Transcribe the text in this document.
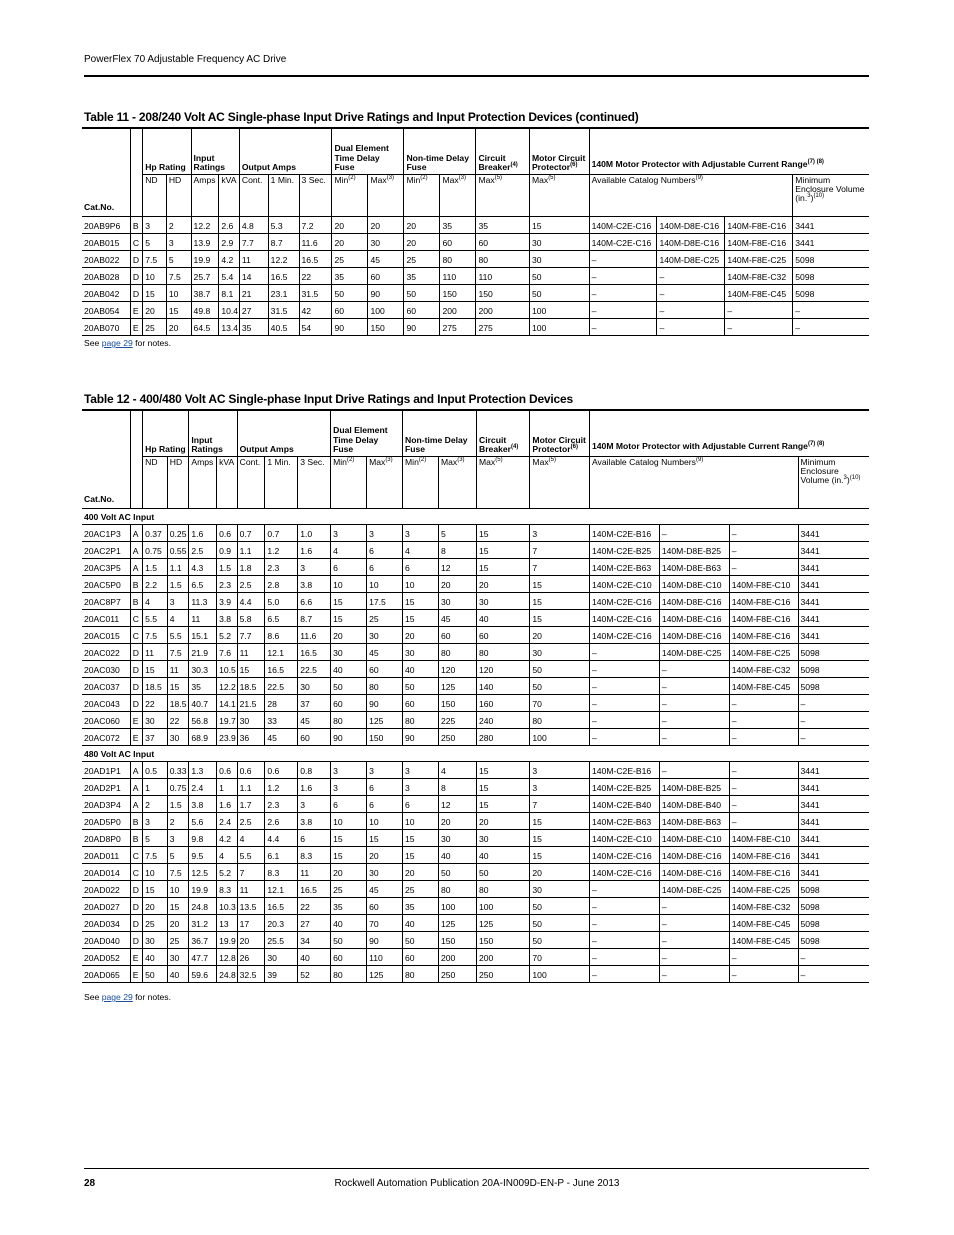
PowerFlex 70 Adjustable Frequency AC Drive
Table 11 - 208/240 Volt AC Single-phase Input Drive Ratings and Input Protection Devices (continued)
Cat.No.		Hp Rating		Input Ratings		Output Amps			Dual Element Time Delay Fuse		Non-time Delay Fuse		Circuit Breaker$^{(4)}$	Motor Circuit Protector$^{(6)}$	140M Motor Protector with Adjustable Current Range$^{(7) (8)}$
		ND	HD	Amps	kVA	Cont.	1 Min.	3 Sec.	Min$^{(2)}$	Max$^{(3)}$	Min$^{(2)}$	Max$^{(3)}$	Max$^{(5)}$	Max$^{(5)}$	Available Catalog Numbers$^{(9)}$			Minimum Enclosure Volume $(in.^3)^{(10)}$
20AB9P6	B	3	2	12.2	2.6	4.8	5.3	7.2	20	20	20	35	35	15	140M-C2E-C16	140M-D8E-C16	140M-F8E-C16	3441
20AB015	C	5	3	13.9	2.9	7.7	8.7	11.6	20	30	20	60	60	30	140M-C2E-C16	140M-D8E-C16	140M-F8E-C16	3441
20AB022	D	7.5	5	19.9	4.2	11	12.2	16.5	25	45	25	80	80	30	–	140M-D8E-C25	140M-F8E-C25	5098
20AB028	D	10	7.5	25.7	5.4	14	16.5	22	35	60	35	110	110	50	–	–	140M-F8E-C32	5098
20AB042	D	15	10	38.7	8.1	21	23.1	31.5	50	90	50	150	150	50	–	–	140M-F8E-C45	5098
20AB054	E	20	15	49.8	10.4	27	31.5	42	60	100	60	200	200	100	–	–	–	–
20AB070	E	25	20	64.5	13.4	35	40.5	54	90	150	90	275	275	100	–	–	–	–
See page 29 for notes.
Table 12 - 400/480 Volt AC Single-phase Input Drive Ratings and Input Protection Devices
Cat.No.		Hp Rating		Input Ratings		Output Amps			Dual Element Time Delay Fuse		Non-time Delay Fuse		Circuit Breaker$^{(4)}$	Motor Circuit Protector$^{(6)}$	140M Motor Protector with Adjustable Current Range$^{(7) (8)}$
		ND	HD	Amps	kVA	Cont.	1 Min.	3 Sec.	Min$^{(2)}$	Max$^{(3)}$	Min$^{(2)}$	Max$^{(3)}$	Max$^{(5)}$	Max$^{(5)}$	Available Catalog Numbers$^{(9)}$			Minimum Enclosure Volume $(in.^3)^{(10)}$
400 Volt AC Input																		
20AC1P3	A	0.37	0.25	1.6	0.6	0.7	0.7	1.0	3	3	3	5	15	3	140M-C2E-B16	–	–	3441
20AC2P1	A	0.75	0.55	2.5	0.9	1.1	1.2	1.6	4	6	4	8	15	7	140M-C2E-B25	140M-D8E-B25	–	3441
20AC3P5	A	1.5	1.1	4.3	1.5	1.8	2.3	3	6	6	6	12	15	7	140M-C2E-B63	140M-D8E-B63	–	3441
20AC5P0	B	2.2	1.5	6.5	2.3	2.5	2.8	3.8	10	10	10	20	20	15	140M-C2E-C10	140M-D8E-C10	140M-F8E-C10	3441
20AC8P7	B	4	3	11.3	3.9	4.4	5.0	6.6	15	17.5	15	30	30	15	140M-C2E-C16	140M-D8E-C16	140M-F8E-C16	3441
20AC011	C	5.5	4	11	3.8	5.8	6.5	8.7	15	25	15	45	40	15	140M-C2E-C16	140M-D8E-C16	140M-F8E-C16	3441
20AC015	C	7.5	5.5	15.1	5.2	7.7	8.6	11.6	20	30	20	60	60	20	140M-C2E-C16	140M-D8E-C16	140M-F8E-C16	3441
20AC022	D	11	7.5	21.9	7.6	11	12.1	16.5	30	45	30	80	80	30	–	140M-D8E-C25	140M-F8E-C25	5098
20AC030	D	15	11	30.3	10.5	15	16.5	22.5	40	60	40	120	120	50	–	–	140M-F8E-C32	5098
20AC037	D	18.5	15	35	12.2	18.5	22.5	30	50	80	50	125	140	50	–	–	140M-F8E-C45	5098
20AC043	D	22	18.5	40.7	14.1	21.5	28	37	60	90	60	150	160	70	–	–	–	–
20AC060	E	30	22	56.8	19.7	30	33	45	80	125	80	225	240	80	–	–	–	–
20AC072	E	37	30	68.9	23.9	36	45	60	90	150	90	250	280	100	–	–	–	–
480 Volt AC Input																		
20AD1P1	A	0.5	0.33	1.3	0.6	0.6	0.6	0.8	3	3	3	4	15	3	140M-C2E-B16	–	–	3441
20AD2P1	A	1	0.75	2.4	1	1.1	1.2	1.6	3	6	3	8	15	3	140M-C2E-B25	140M-D8E-B25	–	3441
20AD3P4	A	2	1.5	3.8	1.6	1.7	2.3	3	6	6	6	12	15	7	140M-C2E-B40	140M-D8E-B40	–	3441
20AD5P0	B	3	2	5.6	2.4	2.5	2.6	3.8	10	10	10	20	20	15	140M-C2E-B63	140M-D8E-B63	–	3441
20AD8P0	B	5	3	9.8	4.2	4	4.4	6	15	15	15	30	30	15	140M-C2E-C10	140M-D8E-C10	140M-F8E-C10	3441
20AD011	C	7.5	5	9.5	4	5.5	6.1	8.3	15	20	15	40	40	15	140M-C2E-C16	140M-D8E-C16	140M-F8E-C16	3441
20AD014	C	10	7.5	12.5	5.2	7	8.3	11	20	30	20	50	50	20	140M-C2E-C16	140M-D8E-C16	140M-F8E-C16	3441
20AD022	D	15	10	19.9	8.3	11	12.1	16.5	25	45	25	80	80	30	–	140M-D8E-C25	140M-F8E-C25	5098
20AD027	D	20	15	24.8	10.3	13.5	16.5	22	35	60	35	100	100	50	–	–	140M-F8E-C32	5098
20AD034	D	25	20	31.2	13	17	20.3	27	40	70	40	125	125	50	–	–	140M-F8E-C45	5098
20AD040	D	30	25	36.7	19.9	20	25.5	34	50	90	50	150	150	50	–	–	140M-F8E-C45	5098
20AD052	E	40	30	47.7	12.8	26	30	40	60	110	60	200	200	70	–	–	–	–
20AD065	E	50	40	59.6	24.8	32.5	39	52	80	125	80	250	250	100	–	–	–	–
See page 29 for notes.
28	Rockwell Automation Publication 20A-IN009D-EN-P - June 2013
